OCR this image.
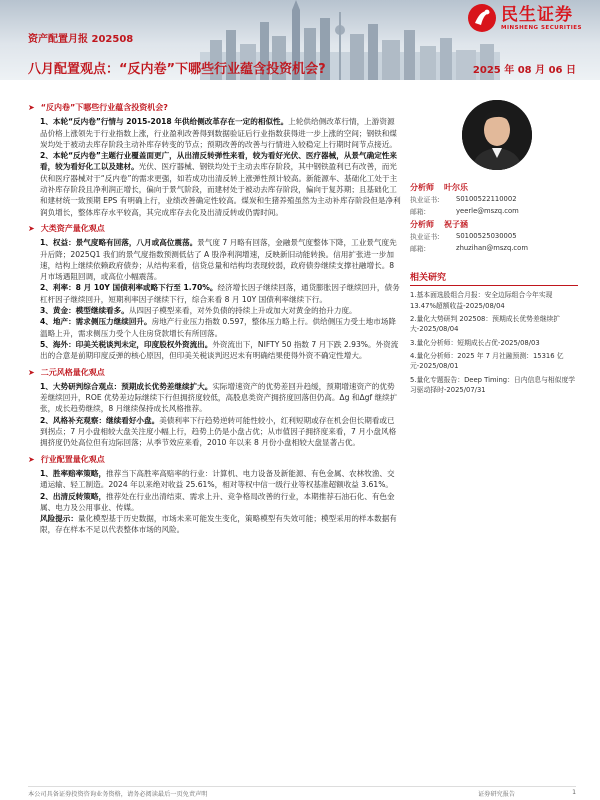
民生证券
MINSHENG SECURITIES
资产配置月报 202508
八月配置观点：“反内卷”下哪些行业蕴含投资机会?	2025 年 08 月 06 日
➤ “反内卷”下哪些行业蕴含投资机会?

1、本轮“反内卷”行情与 2015-2018 年供给侧改革存在一定的相似性。上轮供给侧改革行情，上游资源品价格上涨领先于行业指数上涨，行业盈利改善得到数据验证后行业指数获得进一步上涨的空间；钢铁和煤炭均处于被动去库存阶段主动补库存转变的节点；预期改善的改善与行情进入较稳定上行期时间节点接近。

2、本轮“反内卷”主题行业覆盖面更广，从出清反转弹性来看，较为看好光伏、医疗器械，从景气确定性来看，较为看好化工以及建材。光伏、医疗器械、钢铁均处于主动去库存阶段，其中钢铁盈利已有改善，而光伏和医疗器械对于“反内卷”的需求更强，如若成功出清反转上涨弹性预计较高。新能源车、基础化工处于主动补库存阶段且净利润正增长，偏向于景气阶段，而建材处于被动去库存阶段，偏向于复苏期；且基础化工和建材统一致预期 EPS 有明确上行，业绩改善确定性较高。煤炭和生猪养殖虽然为主动补库存阶段但是净利润负增长，整体库存水平较高，其完成库存去化及出清反转或仍需时间。

➤ 大类资产量化观点

1、权益：景气度略有回落，八月或高位震荡。景气度 7 月略有回落，金融景气度整体下降，工业景气度先升后降；2025Q1 我们的景气度指数预测低估了 A 股净利润增速，反映新旧动能转换。信用扩张进一步加速，结构上继续依赖政府债券；从结构来看，信贷总量和结构均表现较弱，政府债券继续支撑社融增长。8 月市场遇阻回调，或高位小幅震荡。

2、利率：8 月 10Y 国债利率或略下行至 1.70%。经济增长因子继续回落，通货膨胀因子继续回升，债务杠杆因子继续回升，短期利率因子继续下行，综合来看 8 月 10Y 国债利率继续下行。

3、黄金：模型继续看多。从四因子模型来看，对外负债的持续上升或加大对黄金的抬升力度。

4、地产：需求侧压力继续回升。房地产行业压力指数 0.597，整体压力略上行。供给侧压力受土地市场降温略上升，需求侧压力受个人住房贷款增长有所回落。

5、海外：印美关税谈判未定，印度股权外资流出。外资流出下，NIFTY 50 指数 7 月下跌 2.93%。外资流出的合意是前期印度反弹的核心原因，但印美关税谈判迟迟未有明确结果使得外资不确定性增大。

➤ 二元风格量化观点

1、大势研判综合观点：预期成长优势差继续扩大。实际增速资产的优势差回升趋缓，预期增速资产的优势差继续回升，ROE 优势差边际继续下行但拥挤度较低，高股息类资产拥挤度回落但仍高。Δg 和Δgf 继续扩张，成长趋势继续，8 月继续保持成长风格推荐。

2、风格补充观察：继续看好小盘。美债利率下行趋势逆转可能性较小，红利短期或存在机会但长期看或已到拐点；7 月小盘相较大盘关注度小幅上行，趋势上仍是小盘占优；从市值因子拥挤度来看，7 月小盘风格拥挤度仍处高位但有边际回落；从季节效应来看，2010 年以来 8 月份小盘相较大盘显著占优。

➤ 行业配置量化观点

1、胜率赔率策略，推荐当下高胜率高赔率的行业：计算机、电力设备及新能源、有色金属、农林牧渔、交通运输、轻工制造。2024 年以来绝对收益 25.61%，相对等权中信一级行业等权基准超额收益 3.61%。

2、出清反转策略，推荐处在行业出清结束、需求上升、竞争格局改善的行业，本期推荐石油石化、有色金属、电力及公用事业、传媒。

风险提示：量化模型基于历史数据，市场未来可能发生变化，策略模型有失效可能；模型采用的样本数据有限，存在样本不足以代表整体市场的风险。

分析师	叶尔乐
执业证书:	S0100522110002
邮箱:	yeerle@mszq.com
分析师	祝子涵
执业证书:	S0100525030005
邮箱:	zhuzihan@mszq.com
相关研究
1.基本面选股组合月报：安全边际组合今年实现 13.47%超额收益-2025/08/04
2.量化大势研判 202508：预期成长优势差继续扩大-2025/08/04
3.量化分析师：短期成长占优-2025/08/03
4.量化分析师：2025 年 7 月社融预测：15316 亿元-2025/08/01
5.量化专题报告：Deep Timing：日内信息与相似度学习驱动择时-2025/07/31
本公司具备证券投资咨询业务资格，请务必阅读最后一页免责声明	证券研究报告	1
